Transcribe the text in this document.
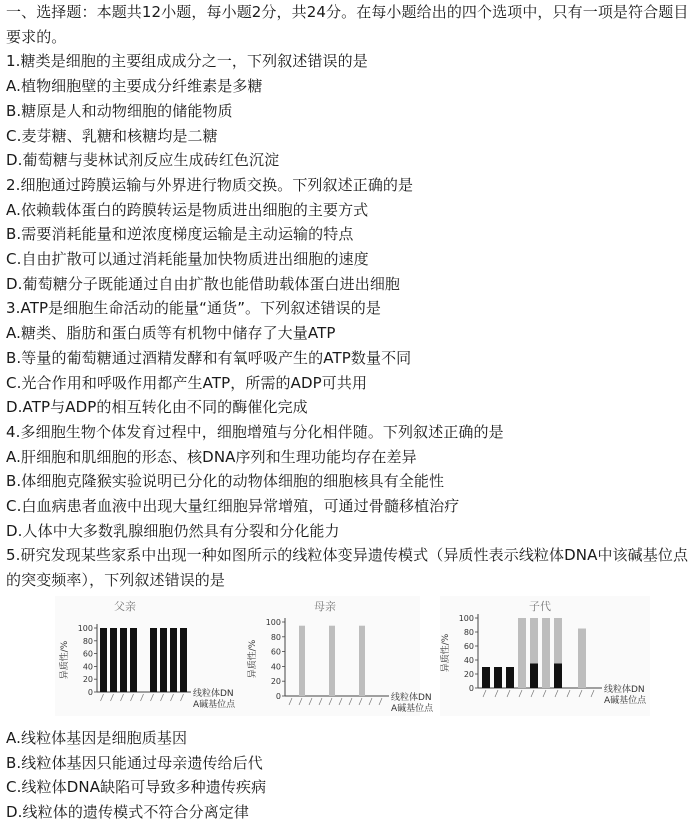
一、选择题：本题共12小题，每小题2分，共24分。在每小题给出的四个选项中，只有一项是符合题目要求的。
1.糖类是细胞的主要组成成分之一，下列叙述错误的是
A.植物细胞壁的主要成分纤维素是多糖
B.糖原是人和动物细胞的储能物质
C.麦芽糖、乳糖和核糖均是二糖
D.葡萄糖与斐林试剂反应生成砖红色沉淀
2.细胞通过跨膜运输与外界进行物质交换。下列叙述正确的是
A.依赖载体蛋白的跨膜转运是物质进出细胞的主要方式
B.需要消耗能量和逆浓度梯度运输是主动运输的特点
C.自由扩散可以通过消耗能量加快物质进出细胞的速度
D.葡萄糖分子既能通过自由扩散也能借助载体蛋白进出细胞
3.ATP是细胞生命活动的能量“通货”。下列叙述错误的是
A.糖类、脂肪和蛋白质等有机物中储存了大量ATP
B.等量的葡萄糖通过酒精发酵和有氧呼吸产生的ATP数量不同
C.光合作用和呼吸作用都产生ATP，所需的ADP可共用
D.ATP与ADP的相互转化由不同的酶催化完成
4.多细胞生物个体发育过程中，细胞增殖与分化相伴随。下列叙述正确的是
A.肝细胞和肌细胞的形态、核DNA序列和生理功能均存在差异
B.体细胞克隆猴实验说明已分化的动物体细胞的细胞核具有全能性
C.白血病患者血液中出现大量红细胞异常增殖，可通过骨髓移植治疗
D.人体中大多数乳腺细胞仍然具有分裂和分化能力
5.研究发现某些家系中出现一种如图所示的线粒体变异遗传模式（异质性表示线粒体DNA中该碱基位点的突变频率），下列叙述错误的是
父亲
异质性/%
0
20
40
60
80
100
线粒体DN
A碱基位点
母亲
异质性/%
0
20
40
60
80
100
线粒体DN
A碱基位点
子代
异质性/%
0
20
40
60
80
100
线粒体DN
A碱基位点
A.线粒体基因是细胞质基因
B.线粒体基因只能通过母亲遗传给后代
C.线粒体DNA缺陷可导致多种遗传疾病
D.线粒体的遗传模式不符合分离定律
